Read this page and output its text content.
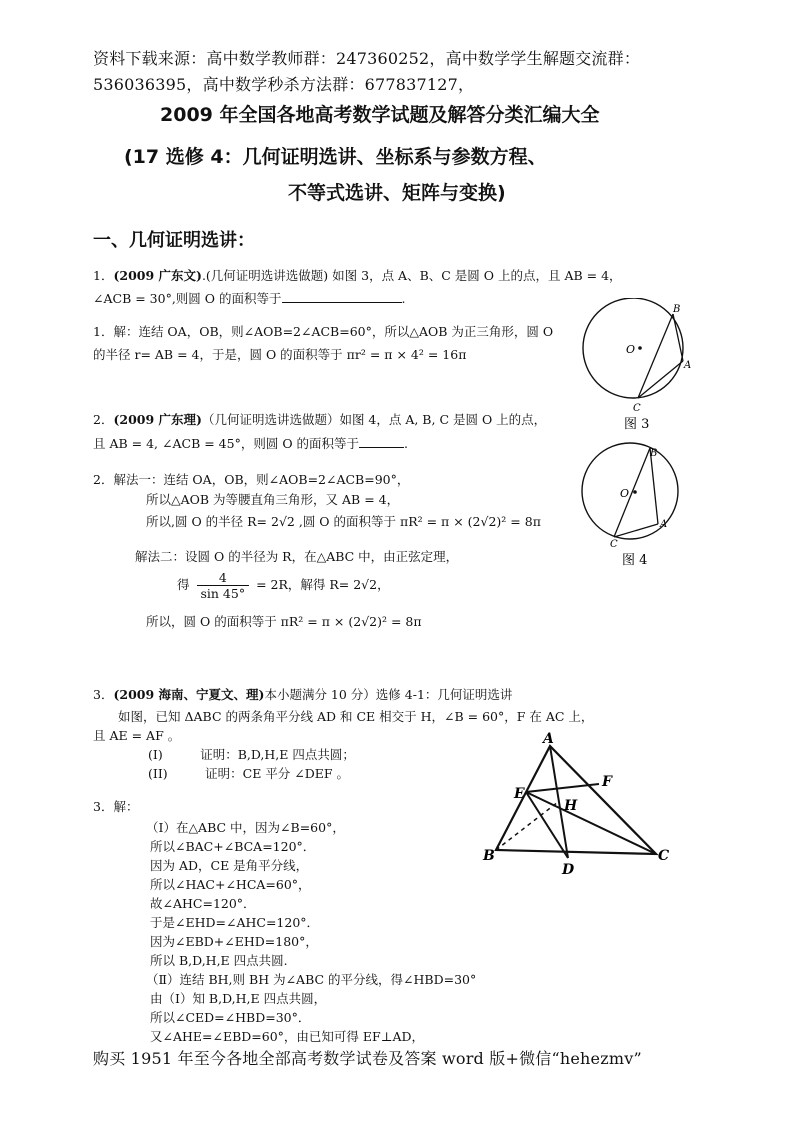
资料下载来源：高中数学教师群：247360252，高中数学学生解题交流群：
536036395，高中数学秒杀方法群：677837127，
2009 年全国各地高考数学试题及解答分类汇编大全
(17 选修 4：几何证明选讲、坐标系与参数方程、
不等式选讲、矩阵与变换)
一、几何证明选讲：
1．(2009 广东文).(几何证明选讲选做题) 如图 3，点 A、B、C 是圆 O 上的点，且 AB = 4，
∠ACB = 30°,则圆 O 的面积等于	.
1．解：连结 OA，OB，则∠AOB=2∠ACB=60°，所以△AOB 为正三角形，圆 O
的半径 r= AB = 4，于是，圆 O 的面积等于 πr² = π × 4² = 16π	O
B
A
C
图 3
2．(2009 广东理)（几何证明选讲选做题）如图 4，点 A, B, C 是圆 O 上的点，
且 AB = 4, ∠ACB = 45°，则圆 O 的面积等于	.
2．解法一：连结 OA，OB，则∠AOB=2∠ACB=90°，
所以△AOB 为等腰直角三角形，又 AB = 4，
所以,圆 O 的半径 R= 2√2 ,圆 O 的面积等于 πR² = π × (2√2)² = 8π
解法二：设圆 O 的半径为 R，在△ABC 中，由正弦定理，
得 $\frac{4}{\sin 45^\circ} = 2R$，解得 R= 2√2，
所以，圆 O 的面积等于 πR² = π × (2√2)² = 8π
O
B
A
C
图 4
3．(2009 海南、宁夏文、理)本小题满分 10 分）选修 4-1：几何证明选讲
如图，已知 ΔABC 的两条角平分线 AD 和 CE 相交于 H，∠B = 60°，F 在 AC 上，
且 AE = AF 。
(I)　　　证明：B,D,H,E 四点共圆；
(II)　　　证明：CE 平分 ∠DEF 。
3．解：
（Ⅰ）在△ABC 中，因为∠B=60°，
所以∠BAC+∠BCA=120°．
因为 AD，CE 是角平分线，
所以∠HAC+∠HCA=60°，
故∠AHC=120°．
于是∠EHD=∠AHC=120°．
因为∠EBD+∠EHD=180°，
所以 B,D,H,E 四点共圆.
（Ⅱ）连结 BH,则 BH 为∠ABC 的平分线，得∠HBD=30°
由（Ⅰ）知 B,D,H,E 四点共圆，
所以∠CED=∠HBD=30°．
又∠AHE=∠EBD=60°，由已知可得 EF⊥AD，
A
F
E
H
B
D
C
购买 1951 年至今各地全部高考数学试卷及答案 word 版+微信“hehezmv”
